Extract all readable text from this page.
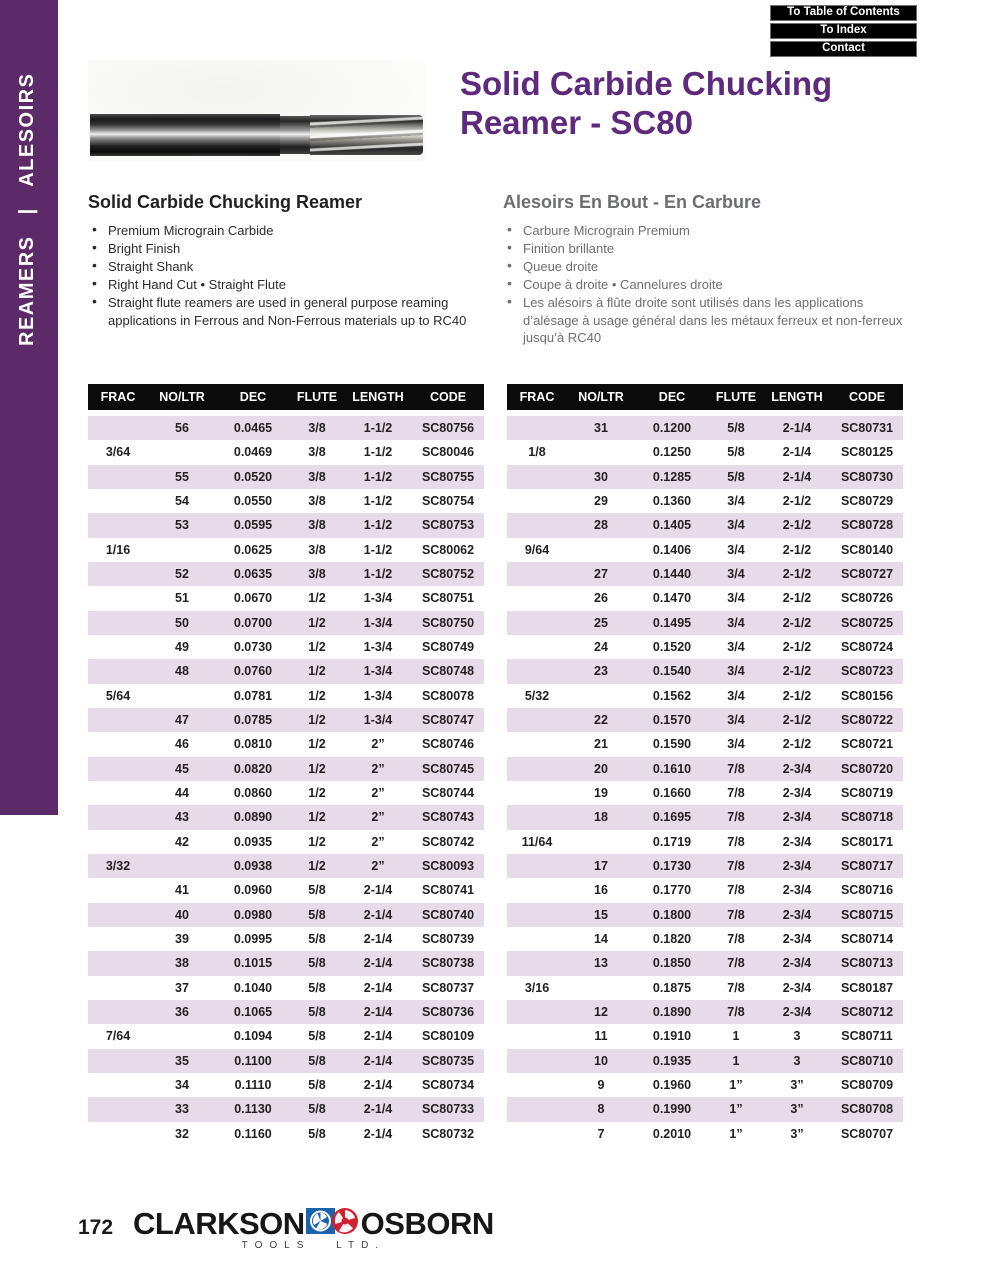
REAMERS   |   ALESOIRS
To Table of Contents
To Index
Contact
Solid Carbide Chucking
Reamer - SC80
Solid Carbide Chucking Reamer
• Premium Micrograin Carbide
• Bright Finish
• Straight Shank
• Right Hand Cut • Straight Flute
• Straight flute reamers are used in general purpose reaming applications in Ferrous and Non-Ferrous materials up to RC40
Alesoirs En Bout - En Carbure
• Carbure Micrograin Premium
• Finition brillante
• Queue droite
• Coupe à droite • Cannelures droite
• Les alésoirs à flûte droite sont utilisés dans les applications d’alésage à usage général dans les métaux ferreux et non-ferreux jusqu’à RC40
FRAC	NO/LTR	DEC	FLUTE	LENGTH	CODE
	56	0.0465	3/8	1-1/2	SC80756
3/64		0.0469	3/8	1-1/2	SC80046
	55	0.0520	3/8	1-1/2	SC80755
	54	0.0550	3/8	1-1/2	SC80754
	53	0.0595	3/8	1-1/2	SC80753
1/16		0.0625	3/8	1-1/2	SC80062
	52	0.0635	3/8	1-1/2	SC80752
	51	0.0670	1/2	1-3/4	SC80751
	50	0.0700	1/2	1-3/4	SC80750
	49	0.0730	1/2	1-3/4	SC80749
	48	0.0760	1/2	1-3/4	SC80748
5/64		0.0781	1/2	1-3/4	SC80078
	47	0.0785	1/2	1-3/4	SC80747
	46	0.0810	1/2	2”	SC80746
	45	0.0820	1/2	2”	SC80745
	44	0.0860	1/2	2”	SC80744
	43	0.0890	1/2	2”	SC80743
	42	0.0935	1/2	2”	SC80742
3/32		0.0938	1/2	2”	SC80093
	41	0.0960	5/8	2-1/4	SC80741
	40	0.0980	5/8	2-1/4	SC80740
	39	0.0995	5/8	2-1/4	SC80739
	38	0.1015	5/8	2-1/4	SC80738
	37	0.1040	5/8	2-1/4	SC80737
	36	0.1065	5/8	2-1/4	SC80736
7/64		0.1094	5/8	2-1/4	SC80109
	35	0.1100	5/8	2-1/4	SC80735
	34	0.1110	5/8	2-1/4	SC80734
	33	0.1130	5/8	2-1/4	SC80733
	32	0.1160	5/8	2-1/4	SC80732
FRAC	NO/LTR	DEC	FLUTE	LENGTH	CODE
	31	0.1200	5/8	2-1/4	SC80731
1/8		0.1250	5/8	2-1/4	SC80125
	30	0.1285	5/8	2-1/4	SC80730
	29	0.1360	3/4	2-1/2	SC80729
	28	0.1405	3/4	2-1/2	SC80728
9/64		0.1406	3/4	2-1/2	SC80140
	27	0.1440	3/4	2-1/2	SC80727
	26	0.1470	3/4	2-1/2	SC80726
	25	0.1495	3/4	2-1/2	SC80725
	24	0.1520	3/4	2-1/2	SC80724
	23	0.1540	3/4	2-1/2	SC80723
5/32		0.1562	3/4	2-1/2	SC80156
	22	0.1570	3/4	2-1/2	SC80722
	21	0.1590	3/4	2-1/2	SC80721
	20	0.1610	7/8	2-3/4	SC80720
	19	0.1660	7/8	2-3/4	SC80719
	18	0.1695	7/8	2-3/4	SC80718
11/64		0.1719	7/8	2-3/4	SC80171
	17	0.1730	7/8	2-3/4	SC80717
	16	0.1770	7/8	2-3/4	SC80716
	15	0.1800	7/8	2-3/4	SC80715
	14	0.1820	7/8	2-3/4	SC80714
	13	0.1850	7/8	2-3/4	SC80713
3/16		0.1875	7/8	2-3/4	SC80187
	12	0.1890	7/8	2-3/4	SC80712
	11	0.1910	1	3	SC80711
	10	0.1935	1	3	SC80710
	9	0.1960	1”	3”	SC80709
	8	0.1990	1”	3”	SC80708
	7	0.2010	1”	3”	SC80707
172 CLARKSON OSBORN
TOOLS LTD.
